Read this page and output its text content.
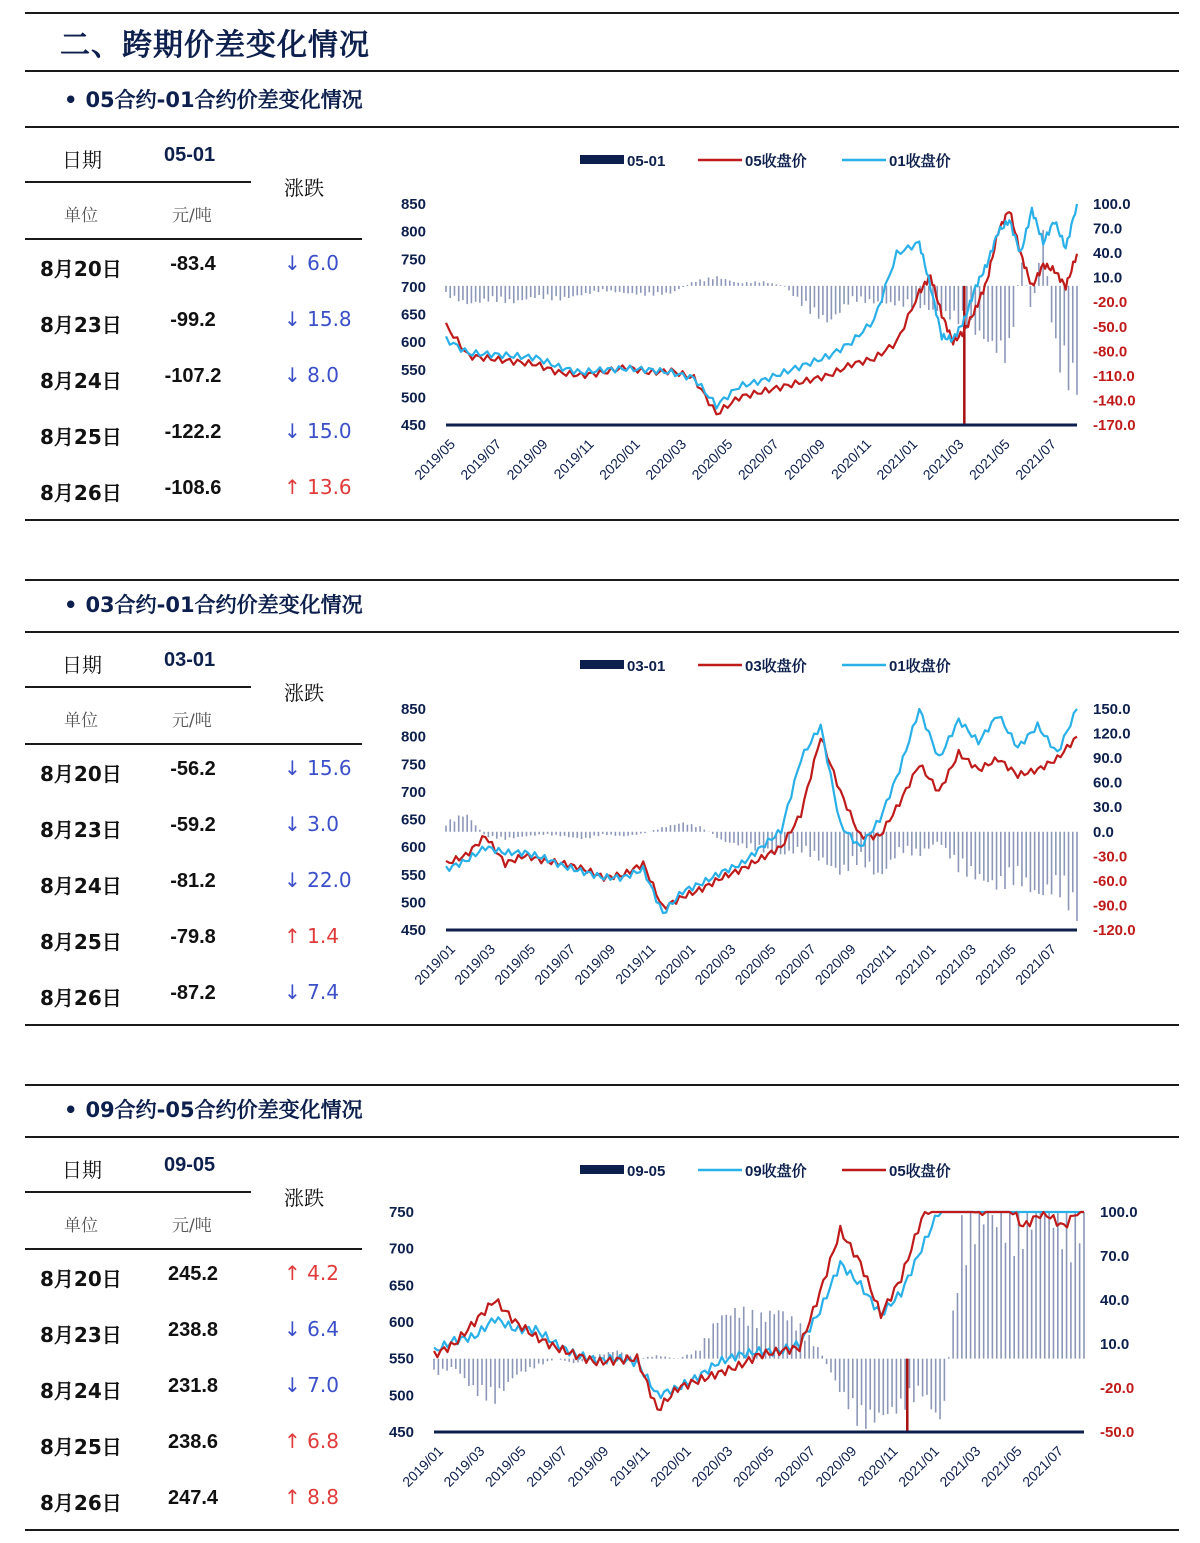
二、跨期价差变化情况
• 05合约-01合约价差变化情况
日期	05-01
涨跌
单位	元/吨
8月20日	-83.4	↓ 6.0
8月23日	-99.2	↓ 15.8
8月24日	-107.2	↓ 8.0
8月25日	-122.2	↓ 15.0
8月26日	-108.6	↑ 13.6
05-01	05收盘价	01收盘价
850
800
750
700
650
600
550
500
450
100.0
70.0
40.0
10.0
-20.0
-50.0
-80.0
-110.0
-140.0
-170.0
2019/05 2019/07 2019/09 2019/11 2020/01 2020/03 2020/05 2020/07 2020/09 2020/11 2021/01 2021/03 2021/05 2021/07
• 03合约-01合约价差变化情况
日期	03-01
涨跌
单位	元/吨
8月20日	-56.2	↓ 15.6
8月23日	-59.2	↓ 3.0
8月24日	-81.2	↓ 22.0
8月25日	-79.8	↑ 1.4
8月26日	-87.2	↓ 7.4
03-01	03收盘价	01收盘价
850
800
750
700
650
600
550
500
450
150.0
120.0
90.0
60.0
30.0
0.0
-30.0
-60.0
-90.0
-120.0
2019/01
2019/03
2019/05
2019/07
2019/09
2019/11
2020/01
2020/03
2020/05
2020/07
2020/09
2020/11
2021/01
2021/03
2021/05
2021/07
• 09合约-05合约价差变化情况
日期	09-05
涨跌
单位	元/吨
8月20日	245.2	↑ 4.2
8月23日	238.8	↓ 6.4
8月24日	231.8	↓ 7.0
8月25日	238.6	↑ 6.8
8月26日	247.4	↑ 8.8
09-05	09收盘价	05收盘价
750
700
650
600
550
500
450
100.0
70.0
40.0
10.0
-20.0
-50.0
2019/01
2019/03
2019/05
2019/07
2019/09
2019/11
2020/01
2020/03
2020/05
2020/07
2020/09
2020/11
2021/01
2021/03
2021/05
2021/07
